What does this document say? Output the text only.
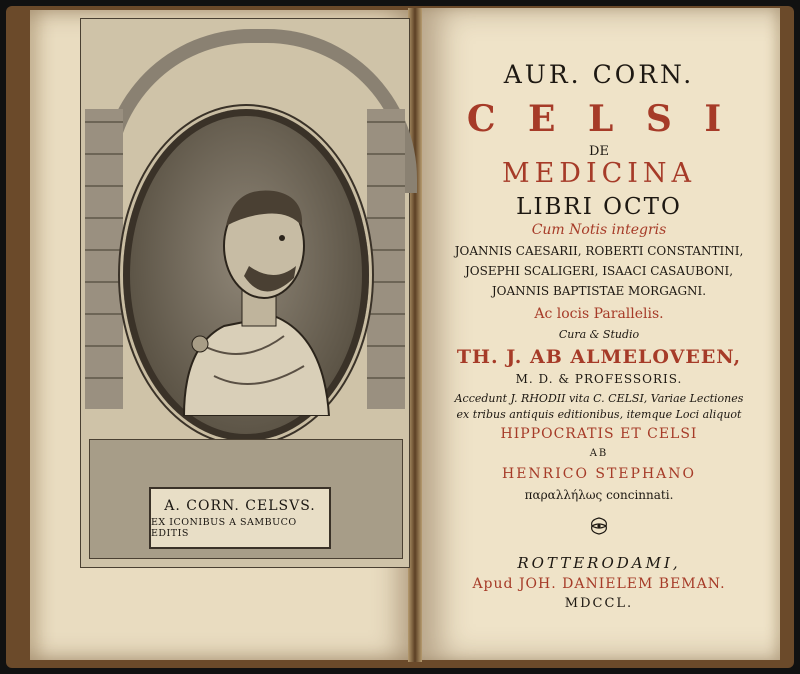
A. CORN. CELSVS.
EX ICONIBUS A SAMBUCO EDITIS
AUR. CORN.
C E L S I
DE
MEDICINA
LIBRI OCTO
Cum Notis integris
JOANNIS CAESARII, ROBERTI CONSTANTINI,
JOSEPHI SCALIGERI, ISAACI CASAUBONI,
JOANNIS BAPTISTAE MORGAGNI.
Ac locis Parallelis.
Cura & Studio
TH. J. AB ALMELOVEEN,
M. D. & PROFESSORIS.
Accedunt J. RHODII vita C. CELSI, Variae Lectiones
ex tribus antiquis editionibus, itemque Loci aliquot
HIPPOCRATIS ET CELSI
AB
HENRICO STEPHANO
παραλλήλως concinnati.
ROTTERODAMI,
Apud JOH. DANIELEM BEMAN.
MDCCL.
